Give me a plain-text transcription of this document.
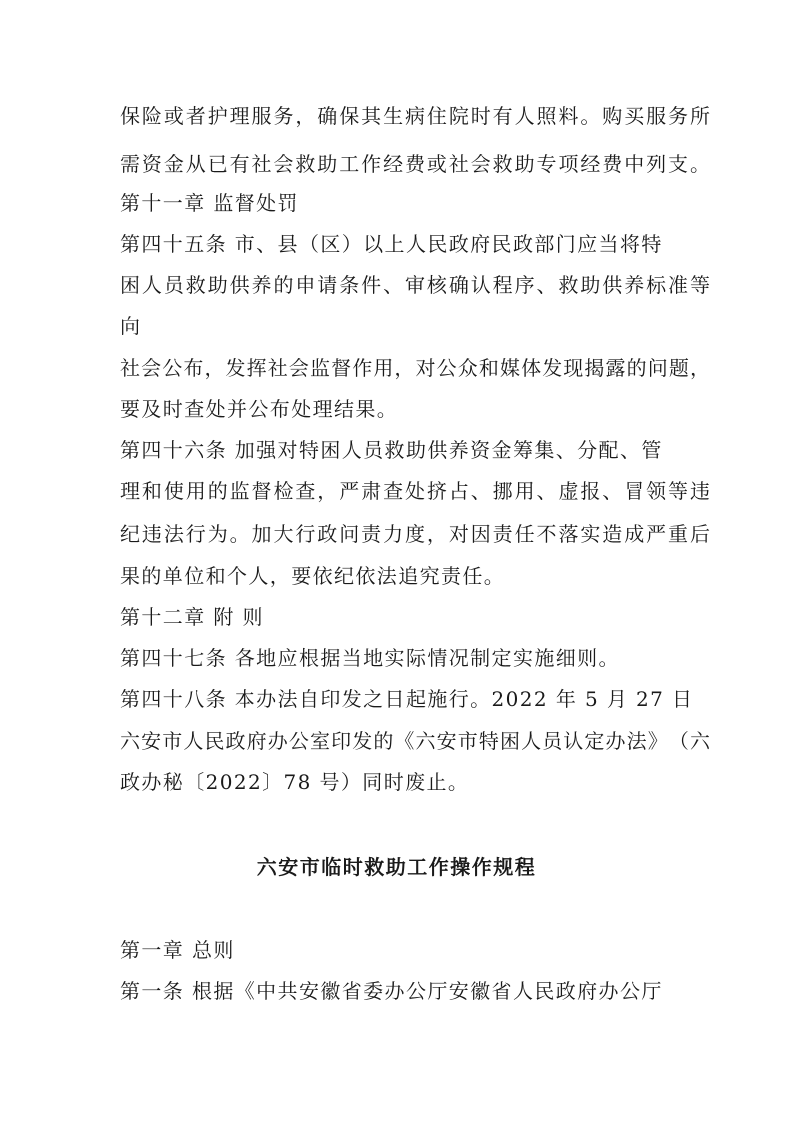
保 险 或 者 护 理 服 务 ， 确 保 其 生 病 住 院 时 有 人 照 料 。 购 买 服 务 所
需 资 金 从 已 有 社 会 救 助 工 作 经 费 或 社 会 救 助 专 项 经 费 中 列 支 。
第十一章 监督处罚
第四十五条 市、县（区）以上人民政府民政部门应当将特
困 人 员 救 助 供 养 的 申 请 条 件 、 审 核 确 认 程 序 、 救 助 供 养 标 准 等
向
社 会 公 布 ， 发 挥 社 会 监 督 作 用 ， 对 公 众 和 媒 体 发 现 揭 露 的 问 题 ，
要及时查处并公布处理结果。
第四十六条 加强对特困人员救助供养资金筹集、分配、管
理 和 使 用 的 监 督 检 查 ， 严 肃 查 处 挤 占 、 挪 用 、 虚 报 、 冒 领 等 违
纪 违 法 行 为 。 加 大 行 政 问 责 力 度 ， 对 因 责 任 不 落 实 造 成 严 重 后
果的单位和个人，要依纪依法追究责任。
第十二章 附 则
第四十七条 各地应根据当地实际情况制定实施细则。
第四十八条 本办法自印发之日起施行。2022 年 5 月 27 日
六 安 市 人 民 政 府 办 公 室 印 发 的 《 六 安 市 特 困 人 员 认 定 办 法 》 （ 六
政办秘〔2022〕78 号）同时废止。
六安市临时救助工作操作规程
第一章 总则
第一条 根据《中共安徽省委办公厅安徽省人民政府办公厅
